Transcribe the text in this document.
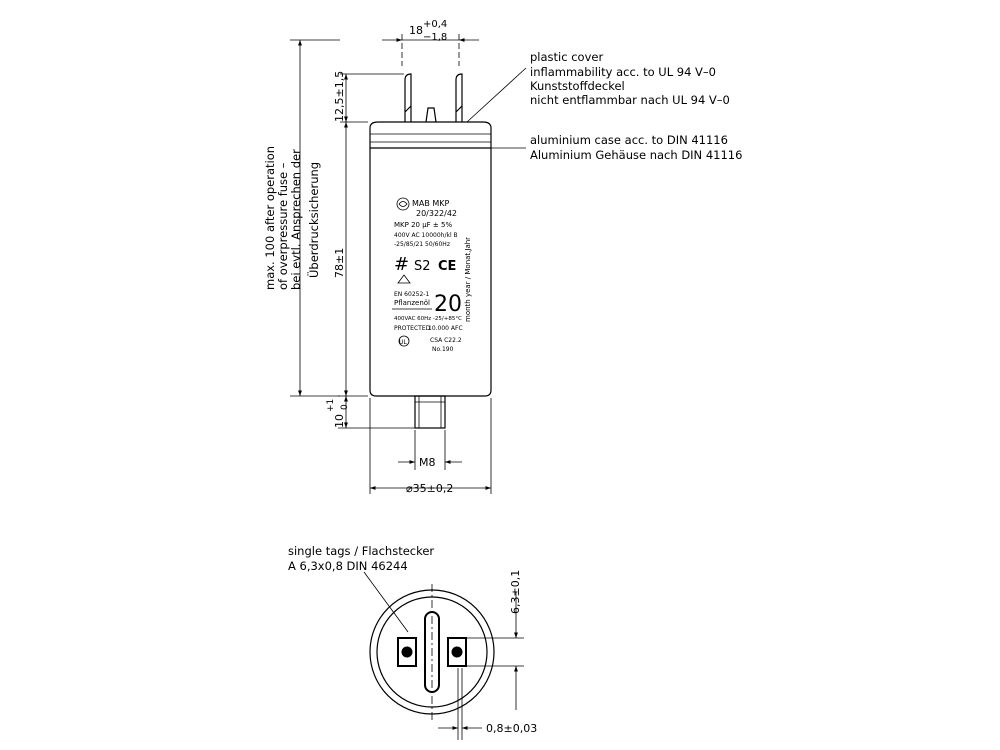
MAB MKP
20/322/42
MKP 20 µF ± 5%
400V AC 10000h/kl B
-25/85/21 50/60Hz
# S2 CE
EN 60252-1
Pflanzenöl 20
400VAC 60Hz -25/+85°C
PROTECTED
10.000 AFC
UL	CSA C22.2
No.190
month year / Monat,Jahr
18 +0,4
−1,8
12,5±1,5
78±1
max. 100 after operation of overpressure fuse – bei evtl. Ansprechen der Überdrucksicherung
10
+1 0
M8
⌀35±0,2
plastic cover
inflammability acc. to UL 94 V–0
Kunststoffdeckel
nicht entflammbar nach UL 94 V–0
aluminium case acc. to DIN 41116
Aluminium Gehäuse nach DIN 41116
single tags / Flachstecker
A 6,3x0,8 DIN 46244
6,3±0,1
0,8±0,03
